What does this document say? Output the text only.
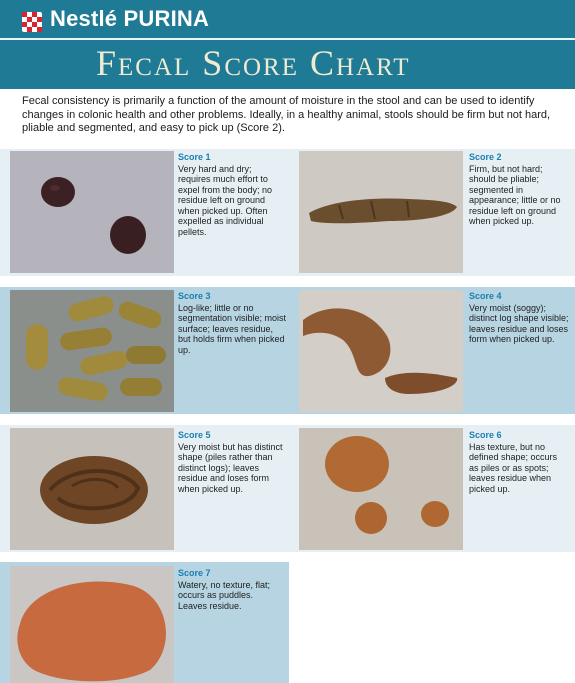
Nestlé PURINA
Fecal Score Chart
Fecal consistency is primarily a function of the amount of moisture in the stool and can be used to identify changes in colonic health and other problems. Ideally, in a healthy animal, stools should be firm but not hard, pliable and segmented, and easy to pick up (Score 2).
Score 1
Very hard and dry; requires much effort to expel from the body; no residue left on ground when picked up. Often expelled as individual pellets.
Score 2
Firm, but not hard; should be pliable; segmented in appearance; little or no residue left on ground when picked up.
Score 3
Log-like; little or no segmentation visible; moist surface; leaves residue, but holds firm when picked up.
Score 4
Very moist (soggy); distinct log shape visible; leaves residue and loses form when picked up.
Score 5
Very moist but has distinct shape (piles rather than distinct logs); leaves residue and loses form when picked up.
Score 6
Has texture, but no defined shape; occurs as piles or as spots; leaves residue when picked up.
Score 7
Watery, no texture, flat; occurs as puddles. Leaves residue.
